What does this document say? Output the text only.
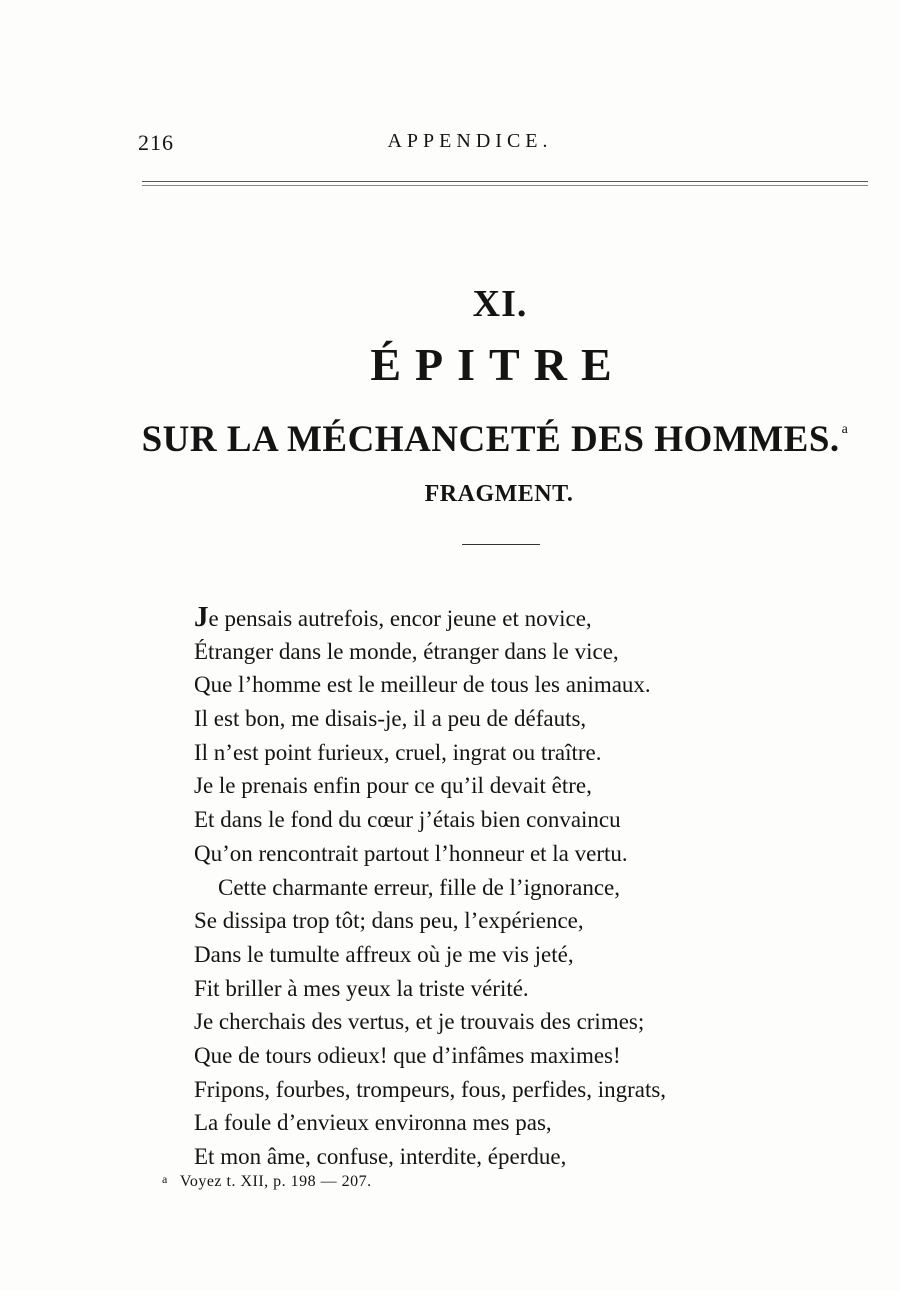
216	APPENDICE.
XI.
ÉPITRE
SUR LA MÉCHANCETÉ DES HOMMES. $^a$
FRAGMENT.
Je pensais autrefois, encor jeune et novice,
Étranger dans le monde, étranger dans le vice,
Que l’homme est le meilleur de tous les animaux.
Il est bon, me disais-je, il a peu de défauts,
Il n’est point furieux, cruel, ingrat ou traître.
Je le prenais enfin pour ce qu’il devait être,
Et dans le fond du cœur j’étais bien convaincu
Qu’on rencontrait partout l’honneur et la vertu.
Cette charmante erreur, fille de l’ignorance,
Se dissipa trop tôt; dans peu, l’expérience,
Dans le tumulte affreux où je me vis jeté,
Fit briller à mes yeux la triste vérité.
Je cherchais des vertus, et je trouvais des crimes;
Que de tours odieux! que d’infâmes maximes!
Fripons, fourbes, trompeurs, fous, perfides, ingrats,
La foule d’envieux environna mes pas,
Et mon âme, confuse, interdite, éperdue,
a Voyez t. XII, p. 198 — 207.
